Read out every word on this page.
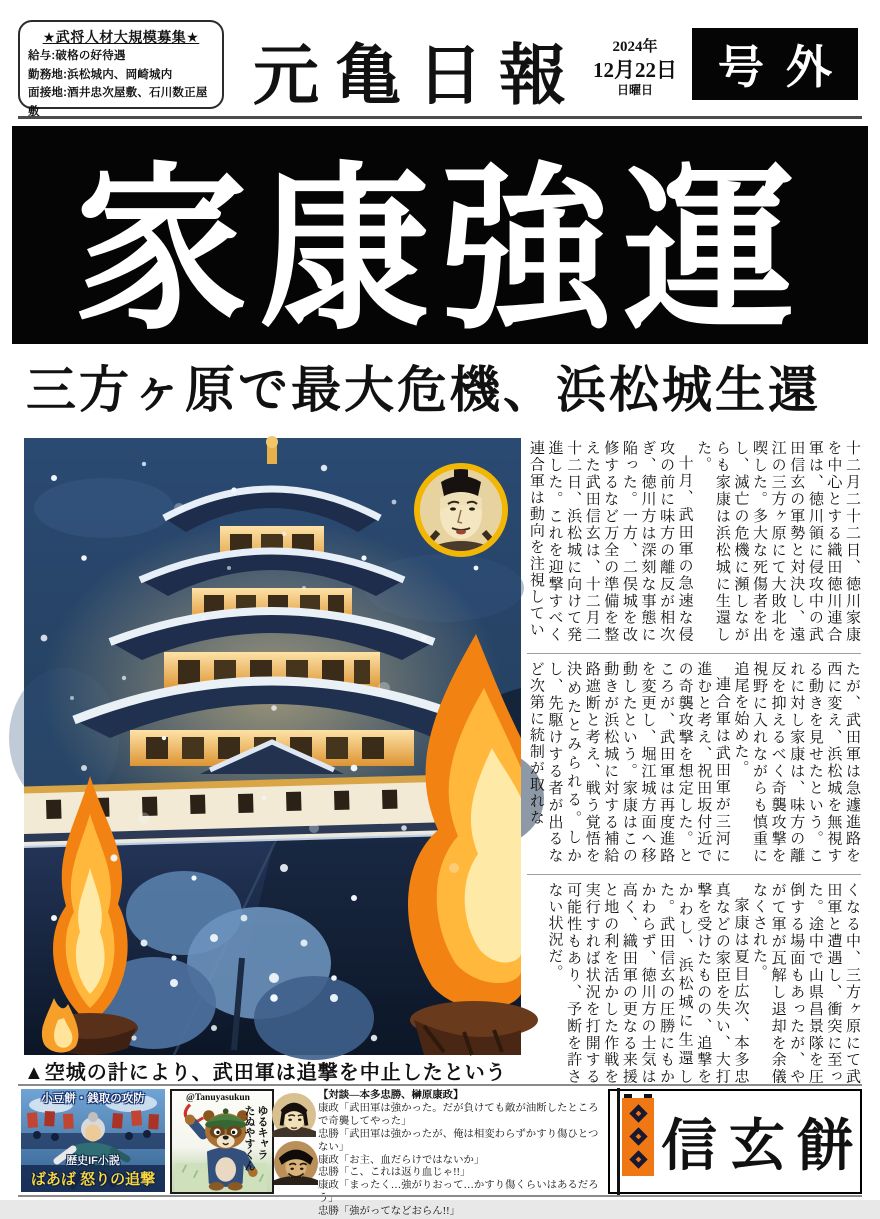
★武将人材大規模募集★
給与:破格の好待遇
勤務地:浜松城内、岡崎城内
面接地:酒井忠次屋敷、石川数正屋敷	元亀日報	2024年
12月22日
日曜日	号外
家康強運
三方ヶ原で最大危機、浜松城生還
▲空城の計により、武田軍は追撃を中止したという

十二月二十二日、徳川家康を中心とする織田徳川連合軍は、徳川領に侵攻中の武田信玄の軍勢と対決し、遠江の三方ヶ原にて大敗北を喫した。多大な死傷者を出し、滅亡の危機に瀕しながらも家康は浜松城に生還した。

十月、武田軍の急速な侵攻の前に味方の離反が相次ぎ、徳川方は深刻な事態に陥った。一方、二俣城を改修するなど万全の準備を整えた武田信玄は、十二月二十二日、浜松城に向けて発進した。これを迎撃すべく連合軍は動向を注視してい

たが、武田軍は急遽進路を西に変え、浜松城を無視する動きを見せたという。これに対し家康は、味方の離反を抑えるべく奇襲攻撃を視野に入れながらも慎重に追尾を始めた。

連合軍は武田軍が三河に進むと考え、祝田坂付近での奇襲攻撃を想定した。ところが、武田軍は再度進路を変更し、堀江城方面へ移動したという。家康はこの動きが浜松城に対する補給路遮断と考え、戦う覚悟を決めたとみられる。しかし、先駆けする者が出るなど次第に統制が取れな

くなる中、三方ヶ原にて武田軍と遭遇し、衝突に至った。途中で山県昌景隊を圧倒する場面もあったが、やがて軍が瓦解し退却を余儀なくされた。

家康は夏目広次、本多忠真などの家臣を失い、大打撃を受けたものの、追撃をかわし、浜松城に生還した。武田信玄の圧勝にもかかわらず、徳川方の士気は高く、織田軍の更なる来援と地の利を活かした作戦を実行すれば状況を打開する可能性もあり、予断を許さない状況だ。

小豆餅・銭取の攻防
歴史IF小説
ばあば 怒りの追撃
@Tanuyasukun
ゆるキャラ
たぬやすくん

【対談―本多忠勝、榊原康政】

康政「武田軍は強かった。だが負けても敵が油断したところで奇襲してやった」

忠勝「武田軍は強かったが、俺は相変わらずかすり傷ひとつない」

康政「お主、血だらけではないか」

忠勝「こ、これは返り血じゃ!!」

康政「まったく…強がりおって…かすり傷くらいはあるだろう」

忠勝「強がってなどおらん!!」

信玄餅
